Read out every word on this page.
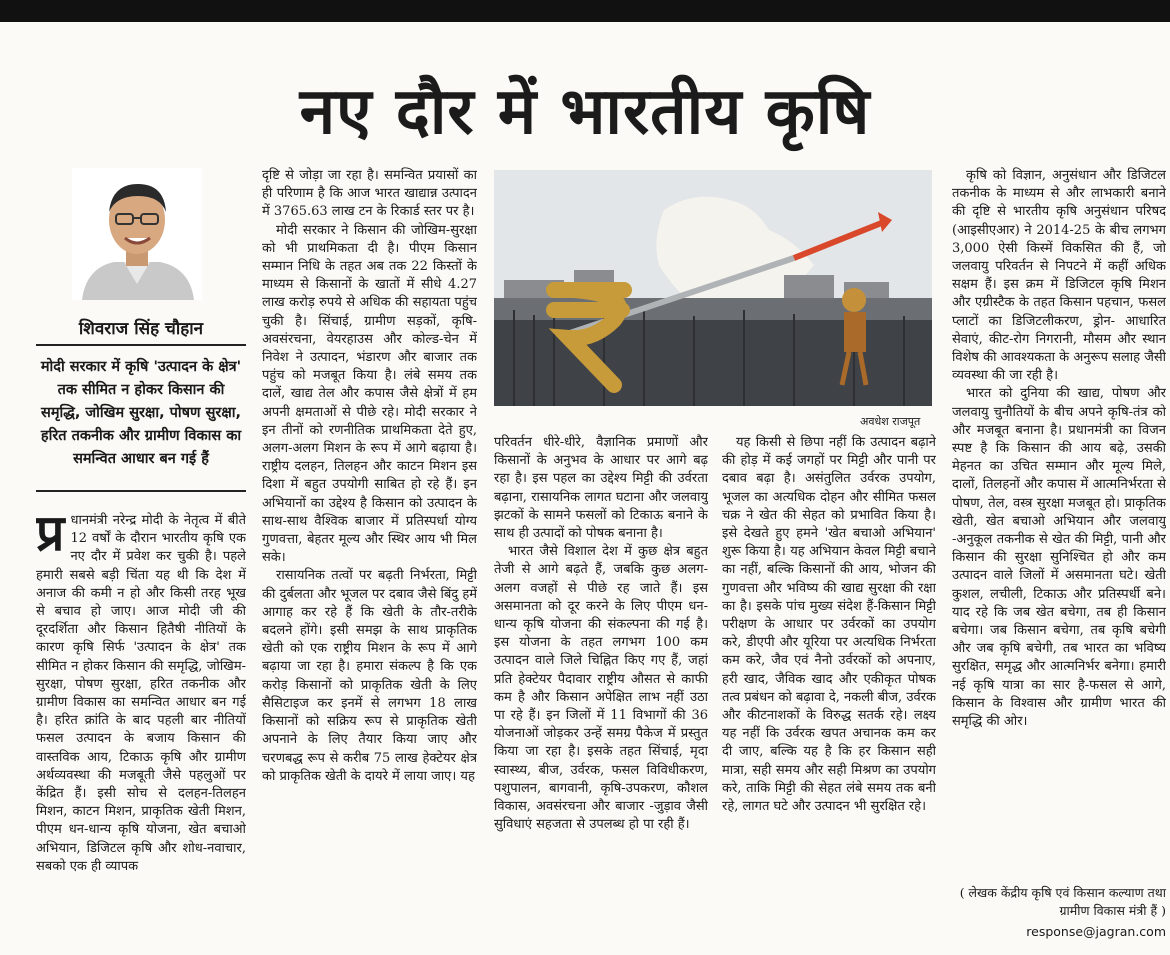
नए दौर में भारतीय कृषि
शिवराज सिंह चौहान
मोदी सरकार में कृषि 'उत्पादन के क्षेत्र' तक सीमित न होकर किसान की समृद्धि, जोखिम सुरक्षा, पोषण सुरक्षा, हरित तकनीक और ग्रामीण विकास का समन्वित आधार बन गई हैं

प्र धानमंत्री नरेन्द्र मोदी के नेतृत्व में बीते 12 वर्षों के दौरान भारतीय कृषि एक नए दौर में प्रवेश कर चुकी है। पहले हमारी सबसे बड़ी चिंता यह थी कि देश में अनाज की कमी न हो और किसी तरह भूख से बचाव हो जाए। आज मोदी जी की दूरदर्शिता और किसान हितैषी नीतियों के कारण कृषि सिर्फ 'उत्पादन के क्षेत्र' तक सीमित न होकर किसान की समृद्धि, जोखिम-सुरक्षा, पोषण सुरक्षा, हरित तकनीक और ग्रामीण विकास का समन्वित आधार बन गई है। हरित क्रांति के बाद पहली बार नीतियों फसल उत्पादन के बजाय किसान की वास्तविक आय, टिकाऊ कृषि और ग्रामीण अर्थव्यवस्था की मजबूती जैसे पहलुओं पर केंद्रित हैं। इसी सोच से दलहन-तिलहन मिशन, काटन मिशन, प्राकृतिक खेती मिशन, पीएम धन-धान्य कृषि योजना, खेत बचाओ अभियान, डिजिटल कृषि और शोध-नवाचार, सबको एक ही व्यापक

दृष्टि से जोड़ा जा रहा है। समन्वित प्रयासों का ही परिणाम है कि आज भारत खाद्यान्न उत्पादन में 3765.63 लाख टन के रिकार्ड स्तर पर है।

मोदी सरकार ने किसान की जोखिम-सुरक्षा को भी प्राथमिकता दी है। पीएम किसान सम्मान निधि के तहत अब तक 22 किस्तों के माध्यम से किसानों के खातों में सीधे 4.27 लाख करोड़ रुपये से अधिक की सहायता पहुंच चुकी है। सिंचाई, ग्रामीण सड़कों, कृषि-अवसंरचना, वेयरहाउस और कोल्ड-चेन में निवेश ने उत्पादन, भंडारण और बाजार तक पहुंच को मजबूत किया है। लंबे समय तक दालें, खाद्य तेल और कपास जैसे क्षेत्रों में हम अपनी क्षमताओं से पीछे रहे। मोदी सरकार ने इन तीनों को रणनीतिक प्राथमिकता देते हुए, अलग-अलग मिशन के रूप में आगे बढ़ाया है। राष्ट्रीय दलहन, तिलहन और काटन मिशन इस दिशा में बहुत उपयोगी साबित हो रहे हैं। इन अभियानों का उद्देश्य है किसान को उत्पादन के साथ-साथ वैश्विक बाजार में प्रतिस्पर्धा योग्य गुणवत्ता, बेहतर मूल्य और स्थिर आय भी मिल सके।

रासायनिक तत्वों पर बढ़ती निर्भरता, मिट्टी की दुर्बलता और भूजल पर दबाव जैसे बिंदु हमें आगाह कर रहे हैं कि खेती के तौर-तरीके बदलने होंगे। इसी समझ के साथ प्राकृतिक खेती को एक राष्ट्रीय मिशन के रूप में आगे बढ़ाया जा रहा है। हमारा संकल्प है कि एक करोड़ किसानों को प्राकृतिक खेती के लिए सैसिटाइज कर इनमें से लगभग 18 लाख किसानों को सक्रिय रूप से प्राकृतिक खेती अपनाने के लिए तैयार किया जाए और चरणबद्ध रूप से करीब 75 लाख हेक्टेयर क्षेत्र को प्राकृतिक खेती के दायरे में लाया जाए। यह

अवधेश राजपूत

परिवर्तन धीरे-धीरे, वैज्ञानिक प्रमाणों और किसानों के अनुभव के आधार पर आगे बढ़ रहा है। इस पहल का उद्देश्य मिट्टी की उर्वरता बढ़ाना, रासायनिक लागत घटाना और जलवायु झटकों के सामने फसलों को टिकाऊ बनाने के साथ ही उत्पादों को पोषक बनाना है।

भारत जैसे विशाल देश में कुछ क्षेत्र बहुत तेजी से आगे बढ़ते हैं, जबकि कुछ अलग-अलग वजहों से पीछे रह जाते हैं। इस असमानता को दूर करने के लिए पीएम धन-धान्य कृषि योजना की संकल्पना की गई है। इस योजना के तहत लगभग 100 कम उत्पादन वाले जिले चिह्नित किए गए हैं, जहां प्रति हेक्टेयर पैदावार राष्ट्रीय औसत से काफी कम है और किसान अपेक्षित लाभ नहीं उठा पा रहे हैं। इन जिलों में 11 विभागों की 36 योजनाओं जोड़कर उन्हें समग्र पैकेज में प्रस्तुत किया जा रहा है। इसके तहत सिंचाई, मृदा स्वास्थ्य, बीज, उर्वरक, फसल विविधीकरण, पशुपालन, बागवानी, कृषि-उपकरण, कौशल विकास, अवसंरचना और बाजार -जुड़ाव जैसी सुविधाएं सहजता से उपलब्ध हो पा रही हैं।

यह किसी से छिपा नहीं कि उत्पादन बढ़ाने की होड़ में कई जगहों पर मिट्टी और पानी पर दबाव बढ़ा है। असंतुलित उर्वरक उपयोग, भूजल का अत्यधिक दोहन और सीमित फसल चक्र ने खेत की सेहत को प्रभावित किया है। इसे देखते हुए हमने 'खेत बचाओ अभियान' शुरू किया है। यह अभियान केवल मिट्टी बचाने का नहीं, बल्कि किसानों की आय, भोजन की गुणवत्ता और भविष्य की खाद्य सुरक्षा की रक्षा का है। इसके पांच मुख्य संदेश हैं-किसान मिट्टी परीक्षण के आधार पर उर्वरकों का उपयोग करे, डीएपी और यूरिया पर अत्यधिक निर्भरता कम करे, जैव एवं नैनो उर्वरकों को अपनाए, हरी खाद, जैविक खाद और एकीकृत पोषक तत्व प्रबंधन को बढ़ावा दे, नकली बीज, उर्वरक और कीटनाशकों के विरुद्ध सतर्क रहे। लक्ष्य यह नहीं कि उर्वरक खपत अचानक कम कर दी जाए, बल्कि यह है कि हर किसान सही मात्रा, सही समय और सही मिश्रण का उपयोग करे, ताकि मिट्टी की सेहत लंबे समय तक बनी रहे, लागत घटे और उत्पादन भी सुरक्षित रहे।

कृषि को विज्ञान, अनुसंधान और डिजिटल तकनीक के माध्यम से और लाभकारी बनाने की दृष्टि से भारतीय कृषि अनुसंधान परिषद (आइसीएआर) ने 2014-25 के बीच लगभग 3,000 ऐसी किस्में विकसित की हैं, जो जलवायु परिवर्तन से निपटने में कहीं अधिक सक्षम हैं। इस क्रम में डिजिटल कृषि मिशन और एग्रीस्टैक के तहत किसान पहचान, फसल प्लाटों का डिजिटलीकरण, ड्रोन- आधारित सेवाएं, कीट-रोग निगरानी, मौसम और स्थान विशेष की आवश्यकता के अनुरूप सलाह जैसी व्यवस्था की जा रही है।

भारत को दुनिया की खाद्य, पोषण और जलवायु चुनौतियों के बीच अपने कृषि-तंत्र को और मजबूत बनाना है। प्रधानमंत्री का विजन स्पष्ट है कि किसान की आय बढ़े, उसकी मेहनत का उचित सम्मान और मूल्य मिले, दालों, तिलहनों और कपास में आत्मनिर्भरता से पोषण, तेल, वस्त्र सुरक्षा मजबूत हो। प्राकृतिक खेती, खेत बचाओ अभियान और जलवायु -अनुकूल तकनीक से खेत की मिट्टी, पानी और किसान की सुरक्षा सुनिश्चित हो और कम उत्पादन वाले जिलों में असमानता घटे। खेती कुशल, लचीली, टिकाऊ और प्रतिस्पर्धी बने। याद रहे कि जब खेत बचेगा, तब ही किसान बचेगा। जब किसान बचेगा, तब कृषि बचेगी और जब कृषि बचेगी, तब भारत का भविष्य सुरक्षित, समृद्ध और आत्मनिर्भर बनेगा। हमारी नई कृषि यात्रा का सार है-फसल से आगे, किसान के विश्वास और ग्रामीण भारत की समृद्धि की ओर।

( लेखक केंद्रीय कृषि एवं किसान कल्याण तथा ग्रामीण विकास मंत्री हैं )
response@jagran.com
